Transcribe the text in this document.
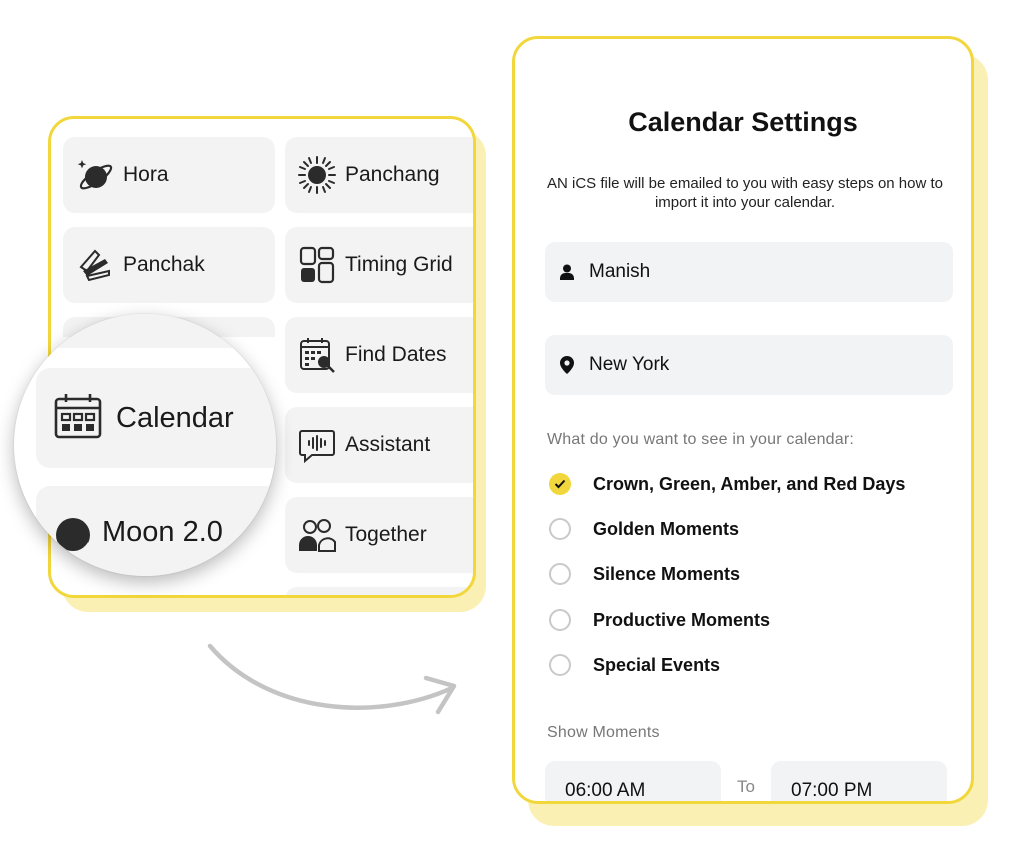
Hora	Panchang
Panchak	Timing Grid
Find Dates
Assistant
Together
Calendar
Moon 2.0
Calendar Settings
AN iCS file will be emailed to you with easy steps on how to import it into your calendar.
Manish
New York
What do you want to see in your calendar:
Crown, Green, Amber, and Red Days
Golden Moments
Silence Moments
Productive Moments
Special Events
Show Moments
06:00 AM	To	07:00 PM
